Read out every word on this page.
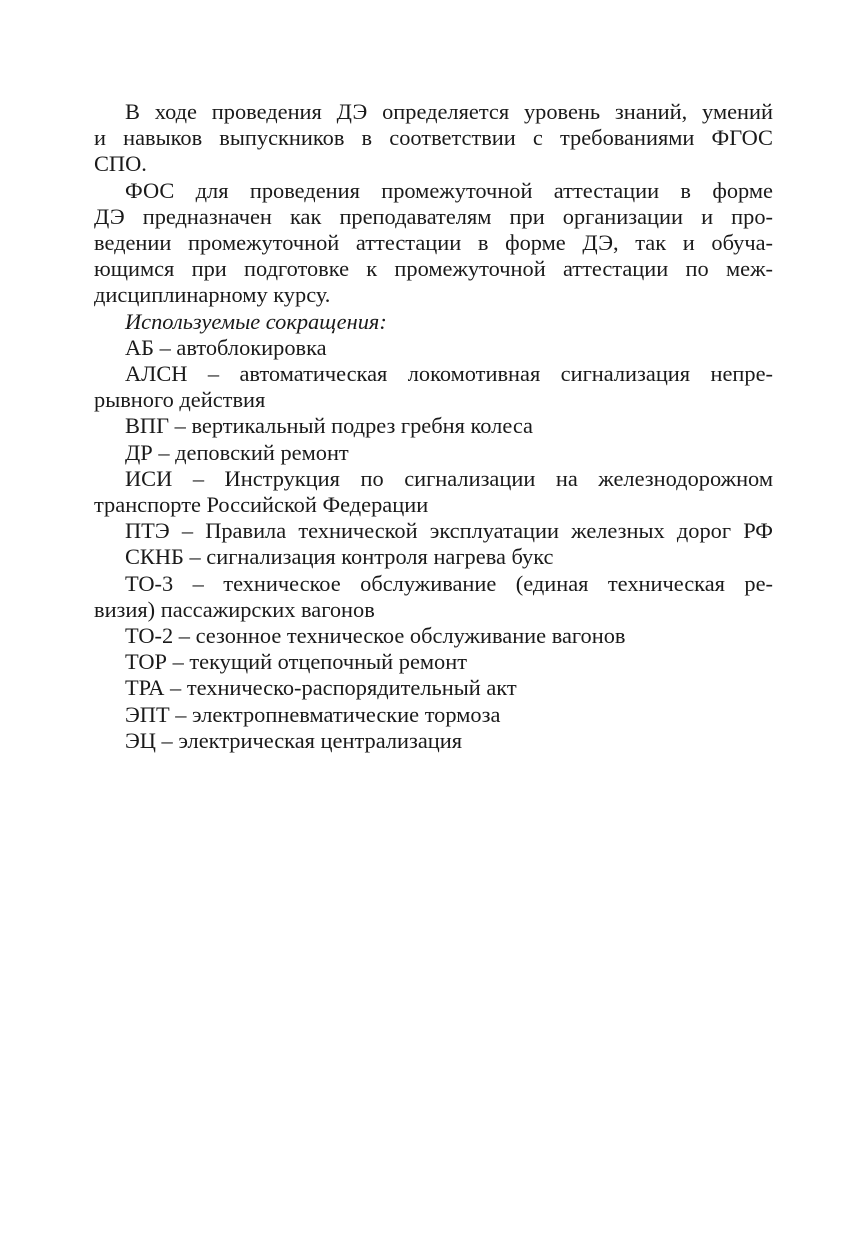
В ходе проведения ДЭ определяется уровень знаний, умений
и навыков выпускников в соответствии с требованиями ФГОС
СПО.

ФОС для проведения промежуточной аттестации в форме
ДЭ предназначен как преподавателям при организации и про-
ведении промежуточной аттестации в форме ДЭ, так и обуча-
ющимся при подготовке к промежуточной аттестации по меж-
дисциплинарному курсу.

Используемые сокращения:

АБ – автоблокировка

АЛСН – автоматическая локомотивная сигнализация непре-
рывного действия

ВПГ – вертикальный подрез гребня колеса

ДР – деповский ремонт

ИСИ – Инструкция по сигнализации на железнодорожном
транспорте Российской Федерации

ПТЭ – Правила технической эксплуатации железных дорог РФ

СКНБ – сигнализация контроля нагрева букс

ТО-3 – техническое обслуживание (единая техническая ре-
визия) пассажирских вагонов

ТО-2 – сезонное техническое обслуживание вагонов

ТОР – текущий отцепочный ремонт

ТРА – техническо-распорядительный акт

ЭПТ – электропневматические тормоза

ЭЦ – электрическая централизация
